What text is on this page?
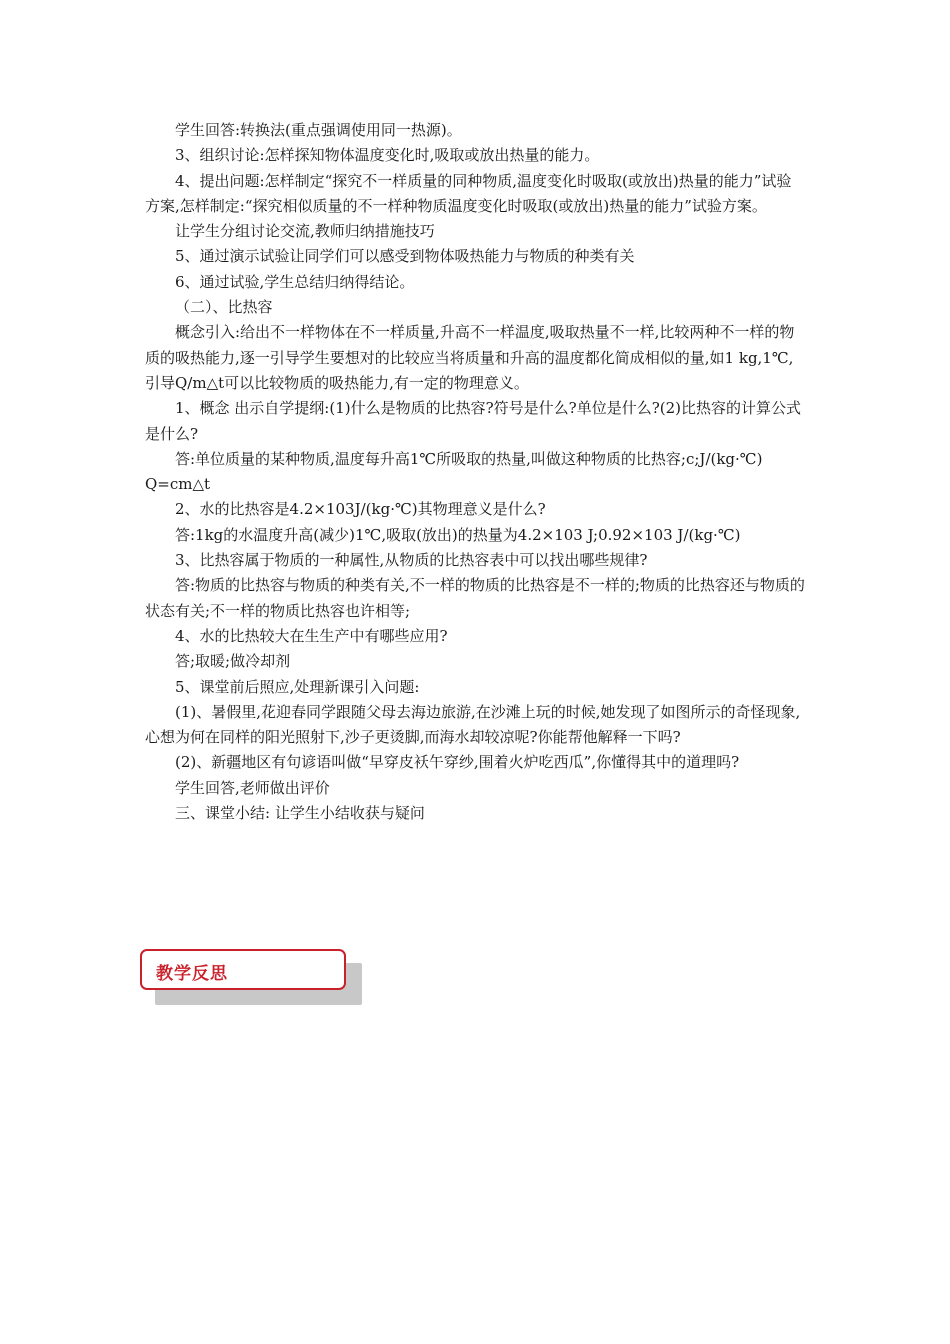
学生回答:转换法(重点强调使用同一热源)。

3、组织讨论:怎样探知物体温度变化时,吸取或放出热量的能力。

4、提出问题:怎样制定“探究不一样质量的同种物质,温度变化时吸取(或放出)热量的能力”试验方案,怎样制定:“探究相似质量的不一样种物质温度变化时吸取(或放出)热量的能力”试验方案。

让学生分组讨论交流,教师归纳措施技巧

5、通过演示试验让同学们可以感受到物体吸热能力与物质的种类有关

6、通过试验,学生总结归纳得结论。

（二）、比热容

概念引入:给出不一样物体在不一样质量,升高不一样温度,吸取热量不一样,比较两种不一样的物质的吸热能力,逐一引导学生要想对的比较应当将质量和升高的温度都化简成相似的量,如1 kg,1℃,引导Q/m△t可以比较物质的吸热能力,有一定的物理意义。

1、概念 出示自学提纲:(1)什么是物质的比热容?符号是什么?单位是什么?(2)比热容的计算公式是什么?

答:单位质量的某种物质,温度每升高1℃所吸取的热量,叫做这种物质的比热容;c;J/(kg·℃) Q=cm△t

2、水的比热容是4.2×103J/(kg·℃)其物理意义是什么?

答:1kg的水温度升高(减少)1℃,吸取(放出)的热量为4.2×103 J;0.92×103 J/(kg·℃)

3、比热容属于物质的一种属性,从物质的比热容表中可以找出哪些规律?

答:物质的比热容与物质的种类有关,不一样的物质的比热容是不一样的;物质的比热容还与物质的状态有关;不一样的物质比热容也许相等;

4、水的比热较大在生生产中有哪些应用?

答;取暖;做冷却剂

5、课堂前后照应,处理新课引入问题:

(1)、暑假里,花迎春同学跟随父母去海边旅游,在沙滩上玩的时候,她发现了如图所示的奇怪现象,心想为何在同样的阳光照射下,沙子更烫脚,而海水却较凉呢?你能帮他解释一下吗?

(2)、新疆地区有句谚语叫做“早穿皮袄午穿纱,围着火炉吃西瓜”,你懂得其中的道理吗?

学生回答,老师做出评价

三、课堂小结: 让学生小结收获与疑问

教学反思
